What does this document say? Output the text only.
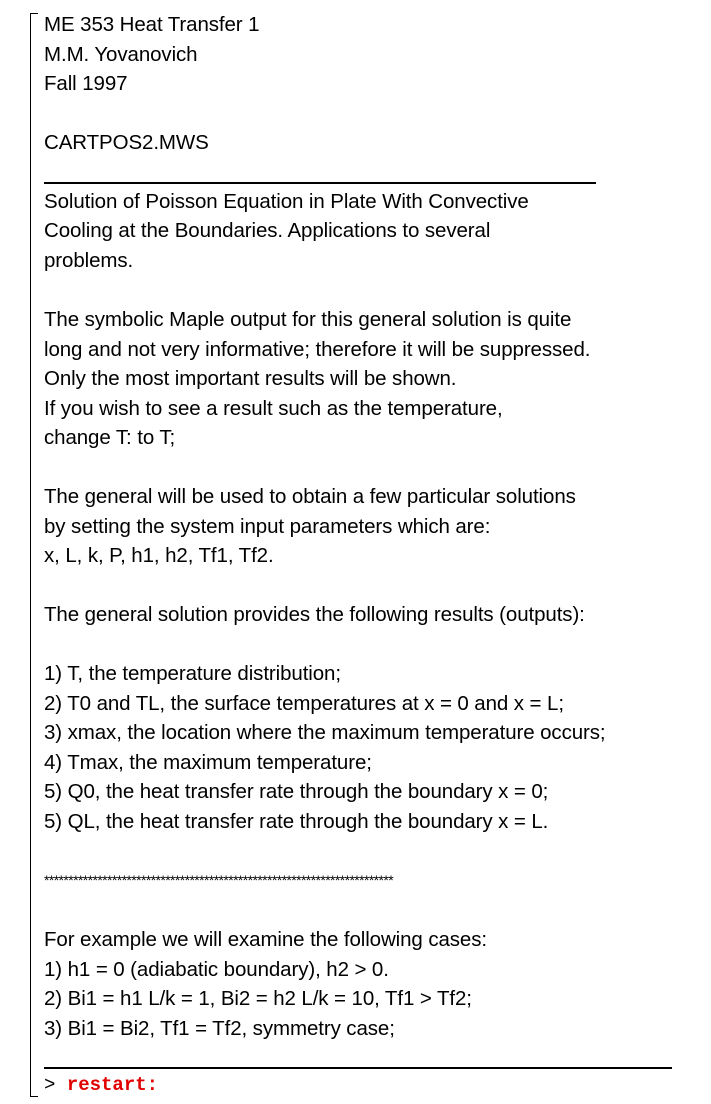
ME 353 Heat Transfer 1
M.M. Yovanovich
Fall 1997
CARTPOS2.MWS
Solution of Poisson Equation in Plate With Convective
Cooling at the Boundaries. Applications to several
problems.
The symbolic Maple output for this general solution is quite
long and not very informative; therefore it will be suppressed.
Only the most important results will be shown.
If you wish to see a result such as the temperature,
change T: to T;
The general will be used to obtain a few particular solutions
by setting the system input parameters which are:
x, L, k, P, h1, h2, Tf1, Tf2.
The general solution provides the following results (outputs):
1) T, the temperature distribution;
2) T0 and TL, the surface temperatures at x = 0 and x = L;
3) xmax, the location where the maximum temperature occurs;
4) Tmax, the maximum temperature;
5) Q0, the heat transfer rate through the boundary x = 0;
5) QL, the heat transfer rate through the boundary x = L.
************************************************************************
For example we will examine the following cases:
1) h1 = 0 (adiabatic boundary), h2 > 0.
2) Bi1 = h1 L/k = 1, Bi2 = h2 L/k = 10, Tf1 > Tf2;
3) Bi1 = Bi2, Tf1 = Tf2, symmetry case;
> restart:
